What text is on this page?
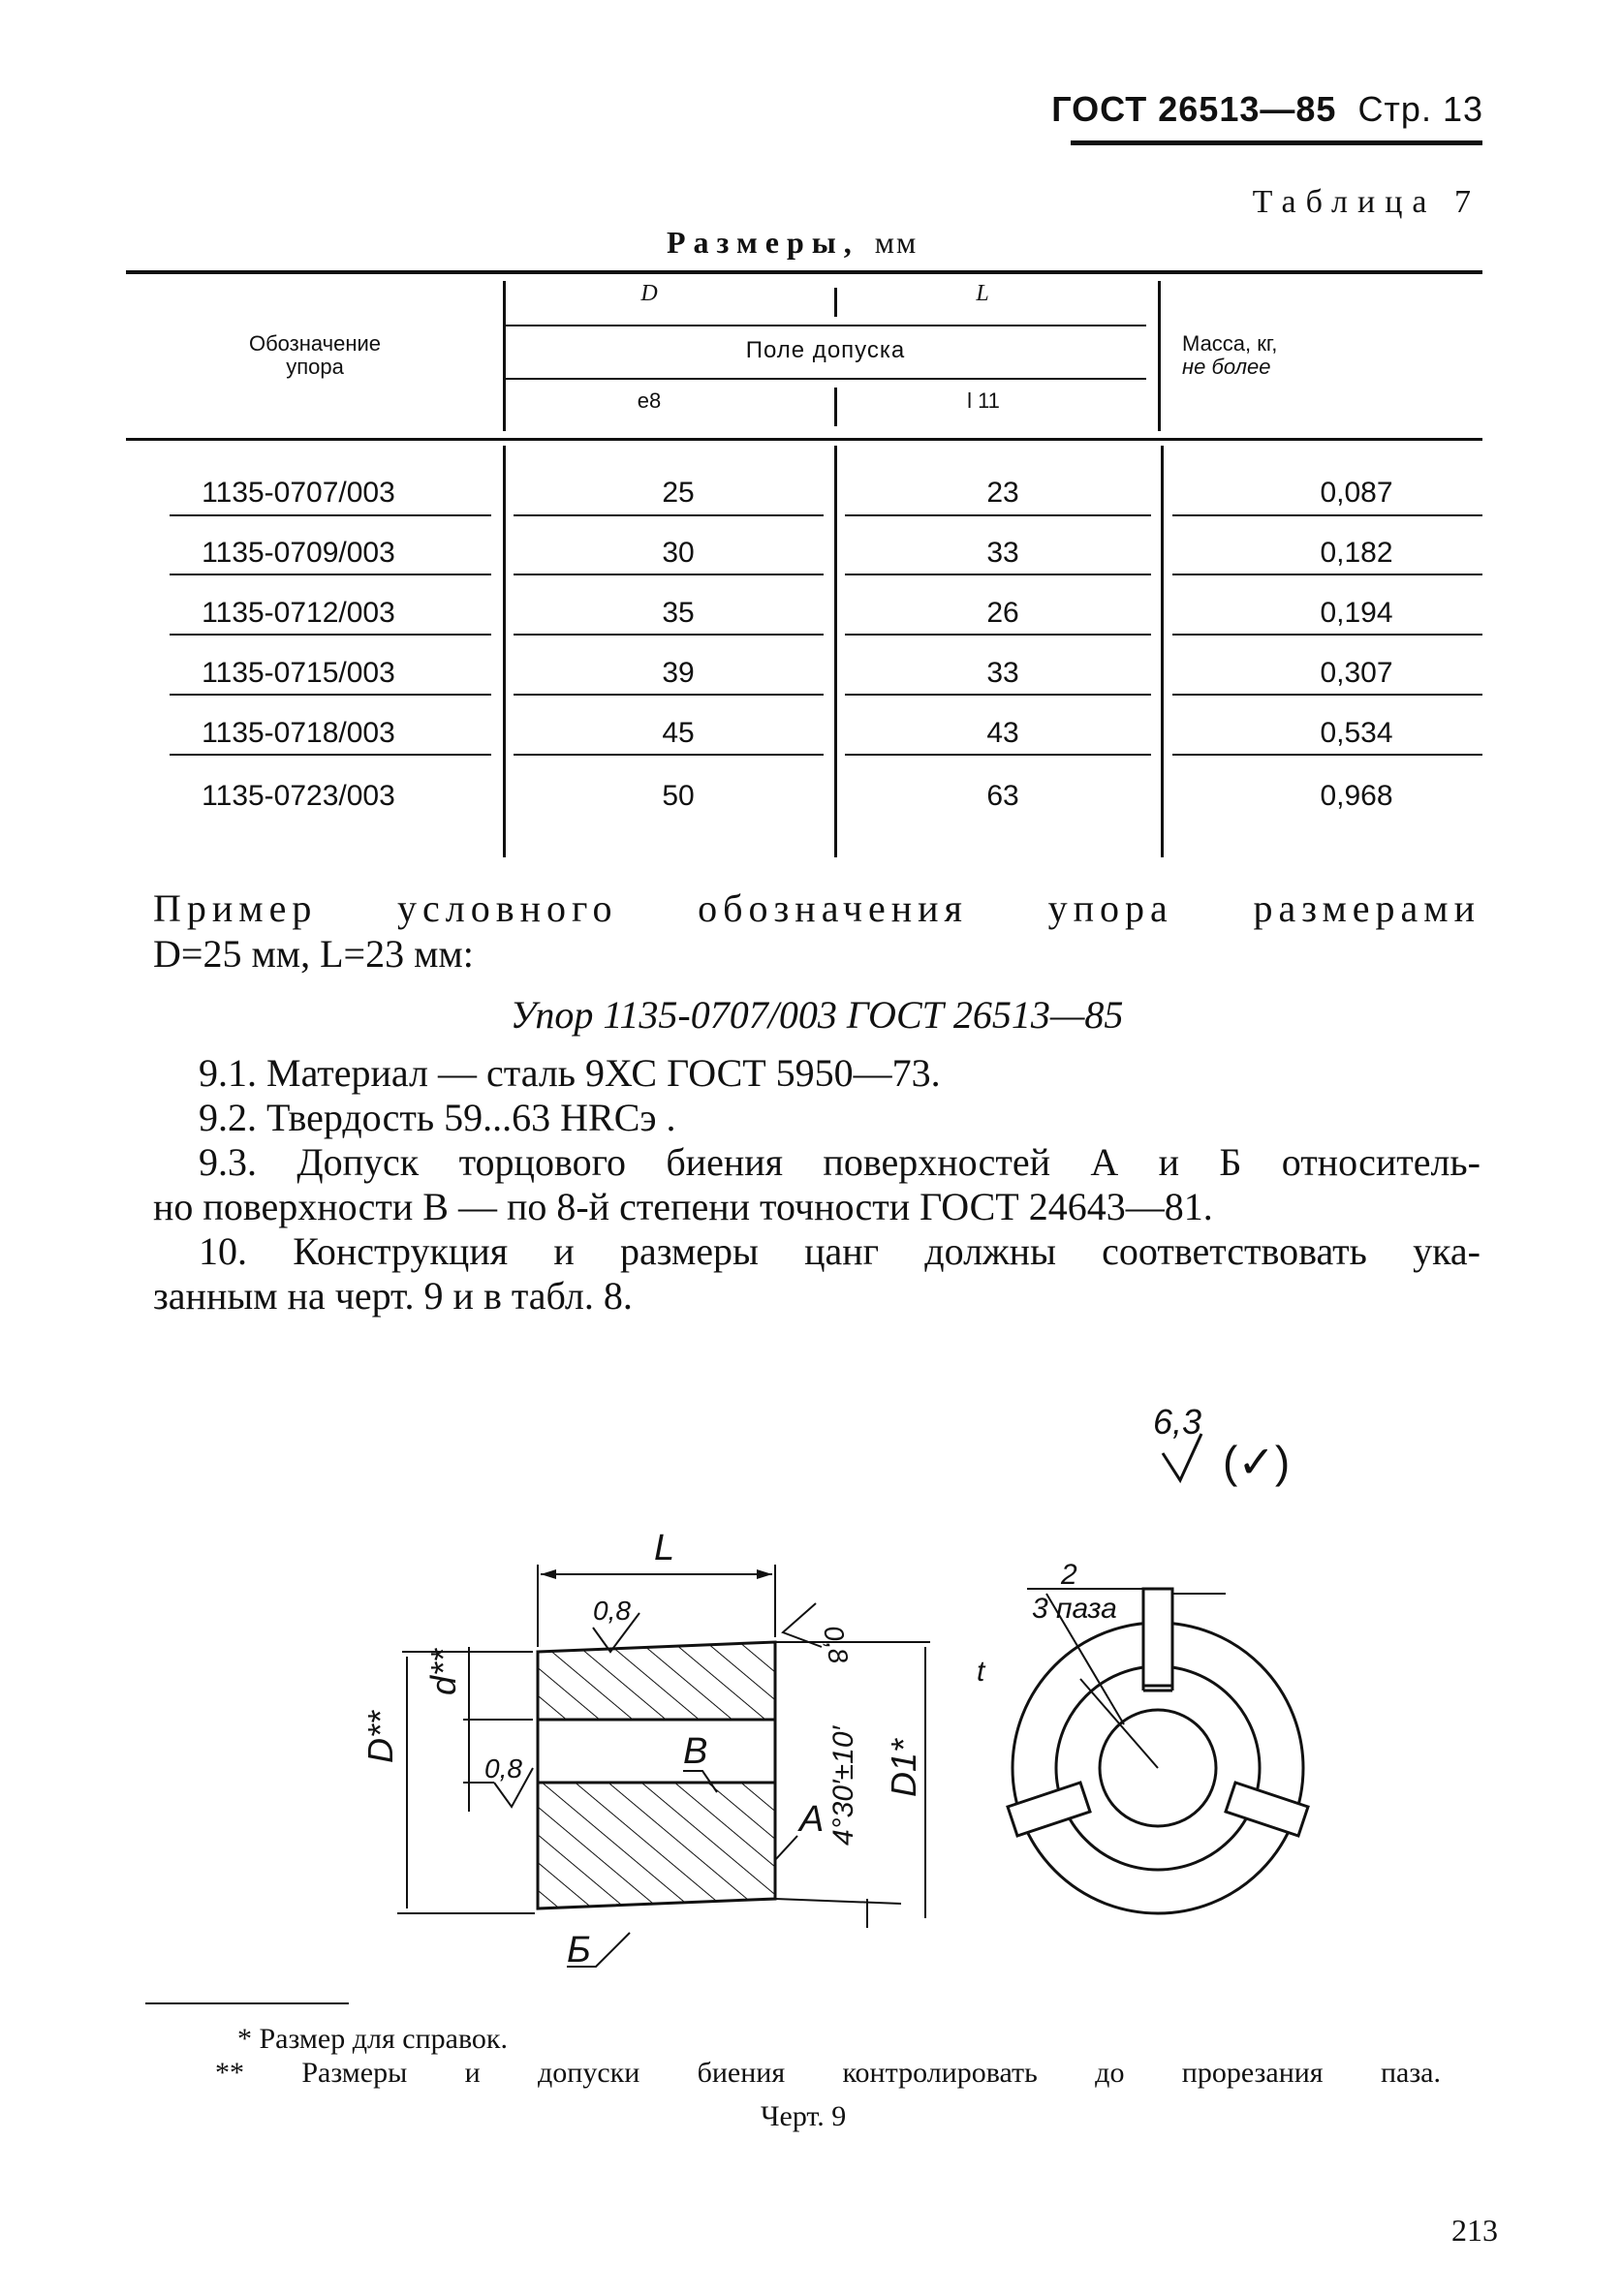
ГОСТ 26513—85 Стр. 13
Таблица 7
Размеры, мм
Обозначение
упора
D	L
Поле допуска
е8	l 11
Масса, кг,
не более
1135-0707/003	25	23	0,087
1135-0709/003	30	33	0,182
1135-0712/003	35	26	0,194
1135-0715/003	39	33	0,307
1135-0718/003	45	43	0,534
1135-0723/003	50	63	0,968
Пример условного обозначения упора размерами
D=25 мм, L=23 мм:
Упор 1135-0707/003 ГОСТ 26513—85
9.1. Материал — сталь 9ХС ГОСТ 5950—73.
9.2. Твердость 59...63 HRCэ .
9.3. Допуск торцового биения поверхностей А и Б относитель-
но поверхности В — по 8-й степени точности ГОСТ 24643—81.
10. Конструкция и размеры цанг должны соответствовать ука-
занным на черт. 9 и в табл. 8.
6,3
(✓)
L
0,8
0,8
0,8
D**
d**
В
А
Б
4°30′±10′ D1*
2
3 паза
t
* Размер для справок.
** Размеры и допуски биения контролировать до прорезания паза.
Черт. 9
213
